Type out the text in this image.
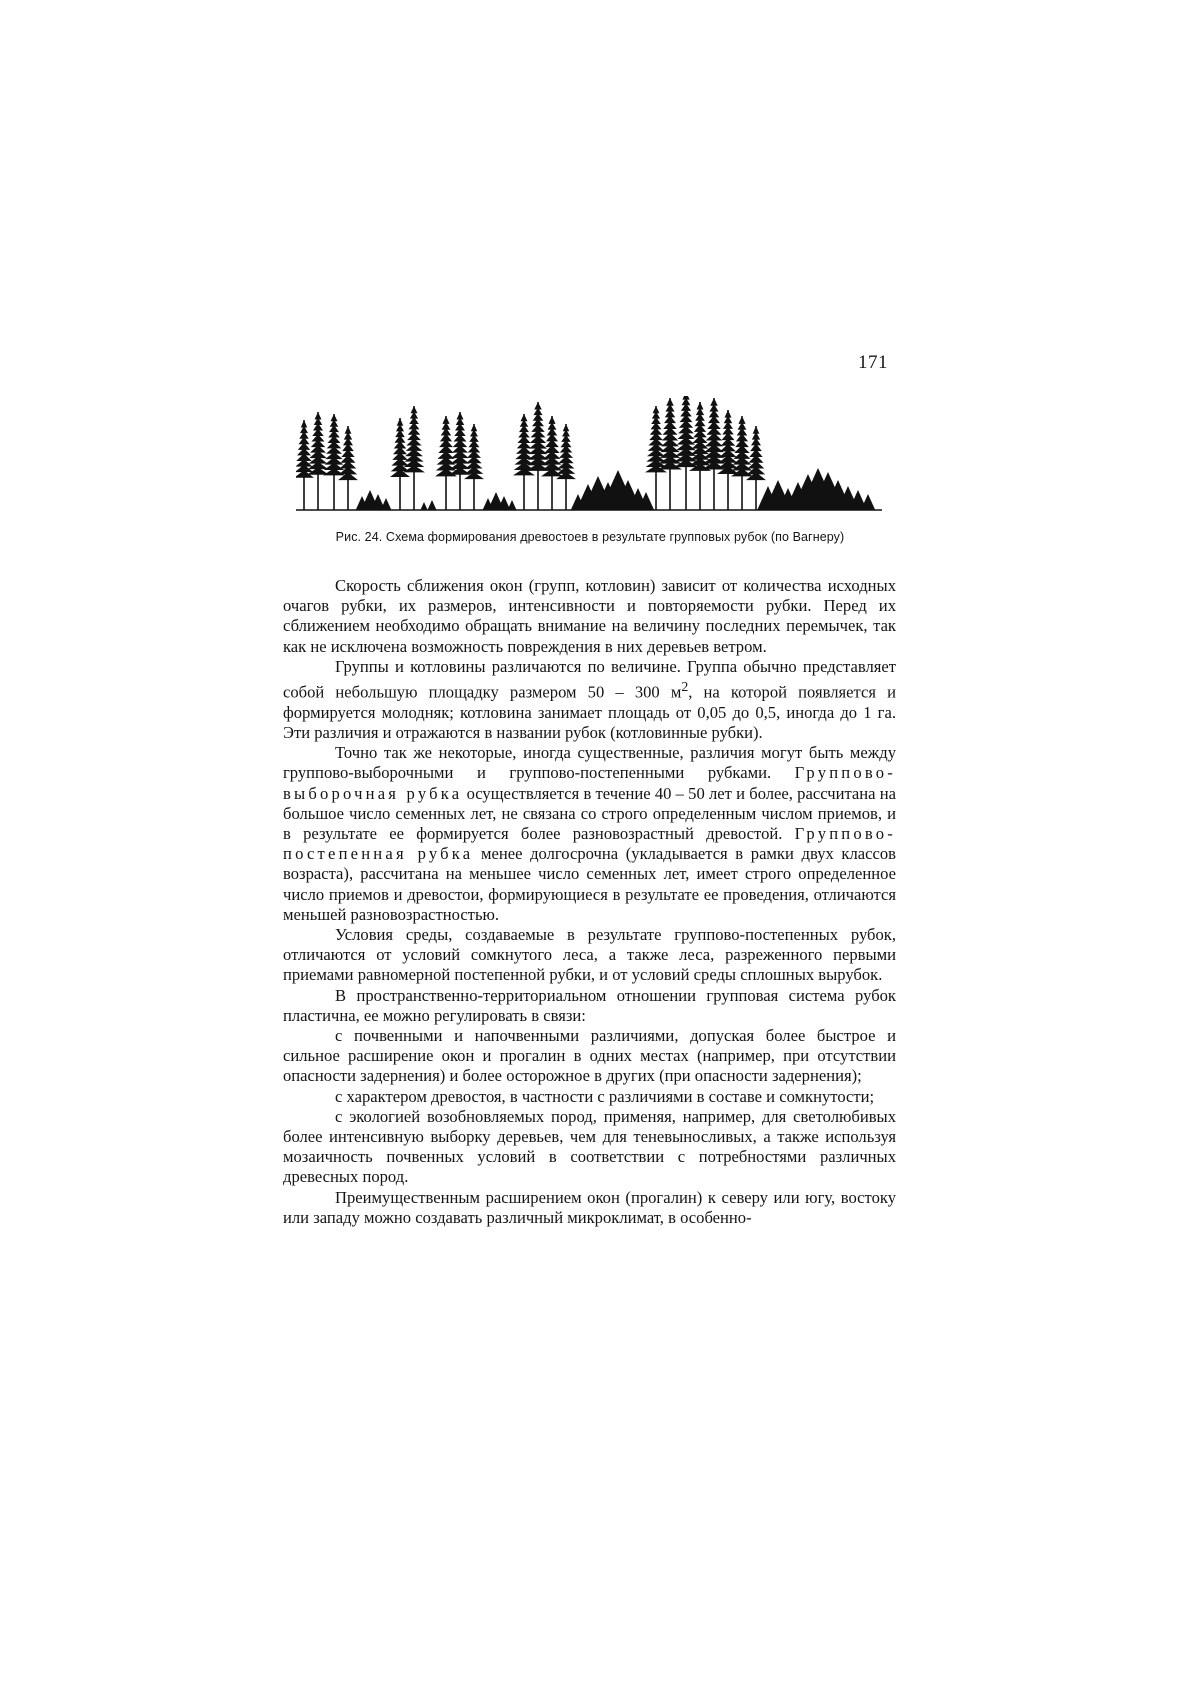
171
Рис. 24. Схема формирования древостоев в результате групповых рубок (по Вагнеру)

Скорость сближения окон (групп, котловин) зависит от количества исходных очагов рубки, их размеров, интенсивности и повторяемости рубки. Перед их сближением необходимо обращать внимание на величину последних перемычек, так как не исключена возможность повреждения в них деревьев ветром.

Группы и котловины различаются по величине. Группа обычно представляет собой небольшую площадку размером 50 – 300 $м^2$, на которой появляется и формируется молодняк; котловина занимает площадь от 0,05 до 0,5, иногда до 1 га. Эти различия и отражаются в названии рубок (котловинные рубки).

Точно так же некоторые, иногда существенные, различия могут быть между группово-выборочными и группово-постепенными рубками. Группово-выборочная рубка осуществляется в течение 40 – 50 лет и более, рассчитана на большое число семенных лет, не связана со строго определенным числом приемов, и в результате ее формируется более разновозрастный древостой. Группово-постепенная рубка менее долгосрочна (укладывается в рамки двух классов возраста), рассчитана на меньшее число семенных лет, имеет строго определенное число приемов и древостои, формирующиеся в результате ее проведения, отличаются меньшей разновозрастностью.

Условия среды, создаваемые в результате группово-постепенных рубок, отличаются от условий сомкнутого леса, а также леса, разреженного первыми приемами равномерной постепенной рубки, и от условий среды сплошных вырубок.

В пространственно-территориальном отношении групповая система рубок пластична, ее можно регулировать в связи:

с почвенными и напочвенными различиями, допуская более быстрое и сильное расширение окон и прогалин в одних местах (например, при отсутствии опасности задернения) и более осторожное в других (при опасности задернения);

с характером древостоя, в частности с различиями в составе и сомкнутости;

с экологией возобновляемых пород, применяя, например, для светолюбивых более интенсивную выборку деревьев, чем для теневыносливых, а также используя мозаичность почвенных условий в соответствии с потребностями различных древесных пород.

Преимущественным расширением окон (прогалин) к северу или югу, востоку или западу можно создавать различный микроклимат, в особенно-
